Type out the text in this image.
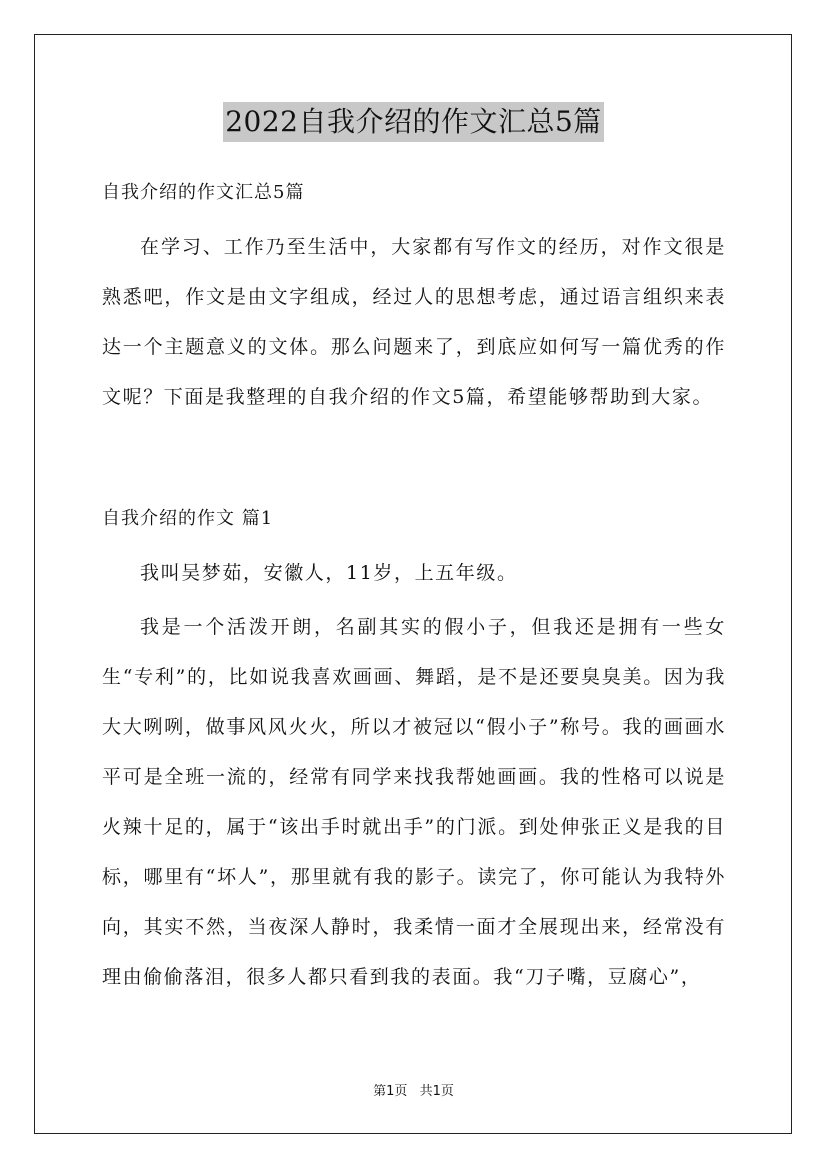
2022自我介绍的作文汇总5篇
自我介绍的作文汇总5篇

在学习、工作乃至生活中，大家都有写作文的经历，对作文很是熟悉吧，作文是由文字组成，经过人的思想考虑，通过语言组织来表达一个主题意义的文体。那么问题来了，到底应如何写一篇优秀的作文呢？下面是我整理的自我介绍的作文5篇，希望能够帮助到大家。

自我介绍的作文 篇1

我叫吴梦茹，安徽人，11岁，上五年级。

我是一个活泼开朗，名副其实的假小子，但我还是拥有一些女生“专利”的，比如说我喜欢画画、舞蹈，是不是还要臭臭美。因为我大大咧咧，做事风风火火，所以才被冠以“假小子”称号。我的画画水平可是全班一流的，经常有同学来找我帮她画画。我的性格可以说是火辣十足的，属于“该出手时就出手”的门派。到处伸张正义是我的目标，哪里有“坏人”，那里就有我的影子。读完了，你可能认为我特外向，其实不然，当夜深人静时，我柔情一面才全展现出来，经常没有理由偷偷落泪，很多人都只看到我的表面。我“刀子嘴，豆腐心”，

第1页 共1页
